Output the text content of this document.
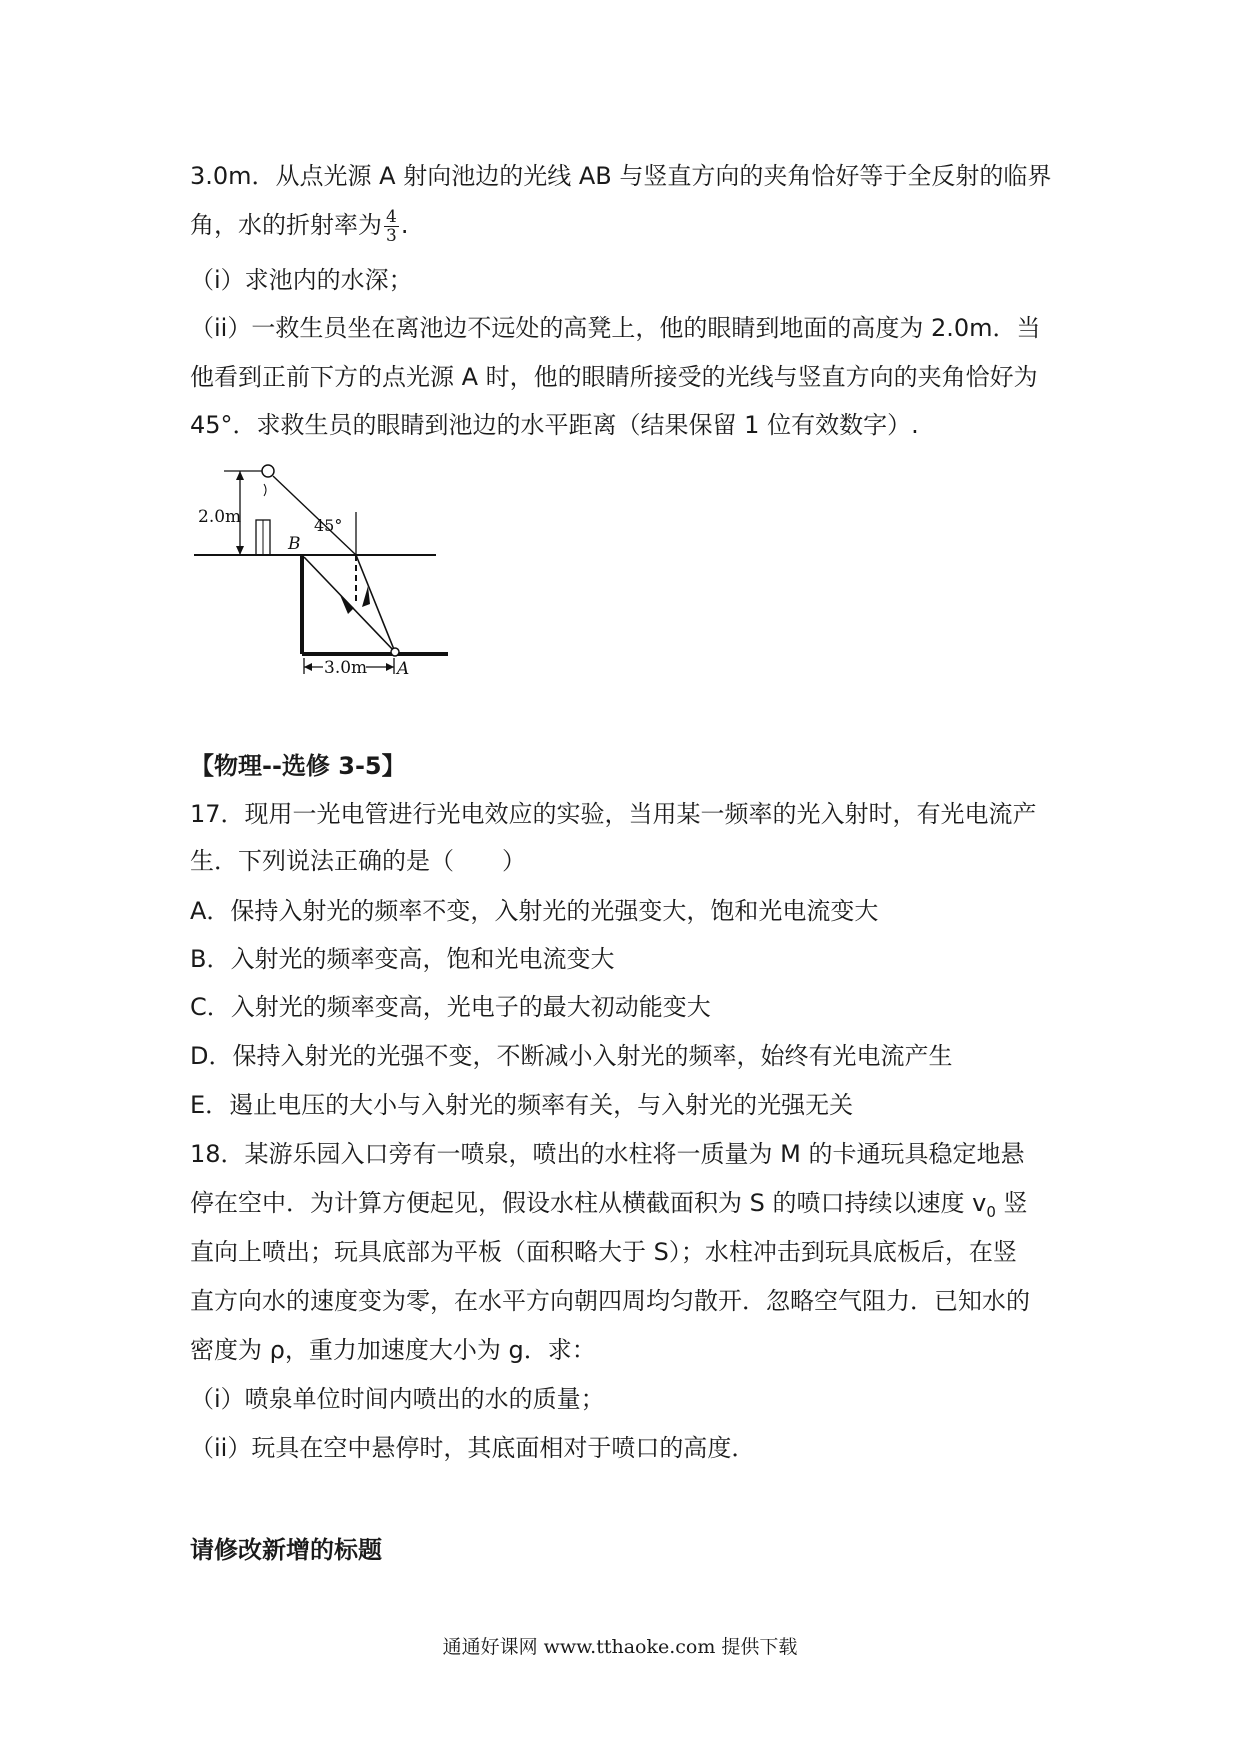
3.0m．从点光源 A 射向池边的光线 AB 与竖直方向的夹角恰好等于全反射的临界
角，水的折射率为 $\frac{4}{3}$ .
（i）求池内的水深；
（ii）一救生员坐在离池边不远处的高凳上，他的眼睛到地面的高度为 2.0m．当
他看到正前下方的点光源 A 时，他的眼睛所接受的光线与竖直方向的夹角恰好为
45°．求救生员的眼睛到池边的水平距离（结果保留 1 位有效数字）.
2.0m	45°
B
3.0m A
【物理--选修 3-5】
17．现用一光电管进行光电效应的实验，当用某一频率的光入射时，有光电流产
生．下列说法正确的是（　　）
A．保持入射光的频率不变，入射光的光强变大，饱和光电流变大
B．入射光的频率变高，饱和光电流变大
C．入射光的频率变高，光电子的最大初动能变大
D．保持入射光的光强不变，不断减小入射光的频率，始终有光电流产生
E．遏止电压的大小与入射光的频率有关，与入射光的光强无关
18．某游乐园入口旁有一喷泉，喷出的水柱将一质量为 M 的卡通玩具稳定地悬
停在空中．为计算方便起见，假设水柱从横截面积为 S 的喷口持续以速度 $v_0$ 竖
直向上喷出；玩具底部为平板（面积略大于 S）；水柱冲击到玩具底板后，在竖
直方向水的速度变为零，在水平方向朝四周均匀散开．忽略空气阻力．已知水的
密度为 ρ，重力加速度大小为 g．求：
（i）喷泉单位时间内喷出的水的质量；
（ii）玩具在空中悬停时，其底面相对于喷口的高度．
请修改新增的标题
通通好课网 www.tthaoke.com 提供下载
